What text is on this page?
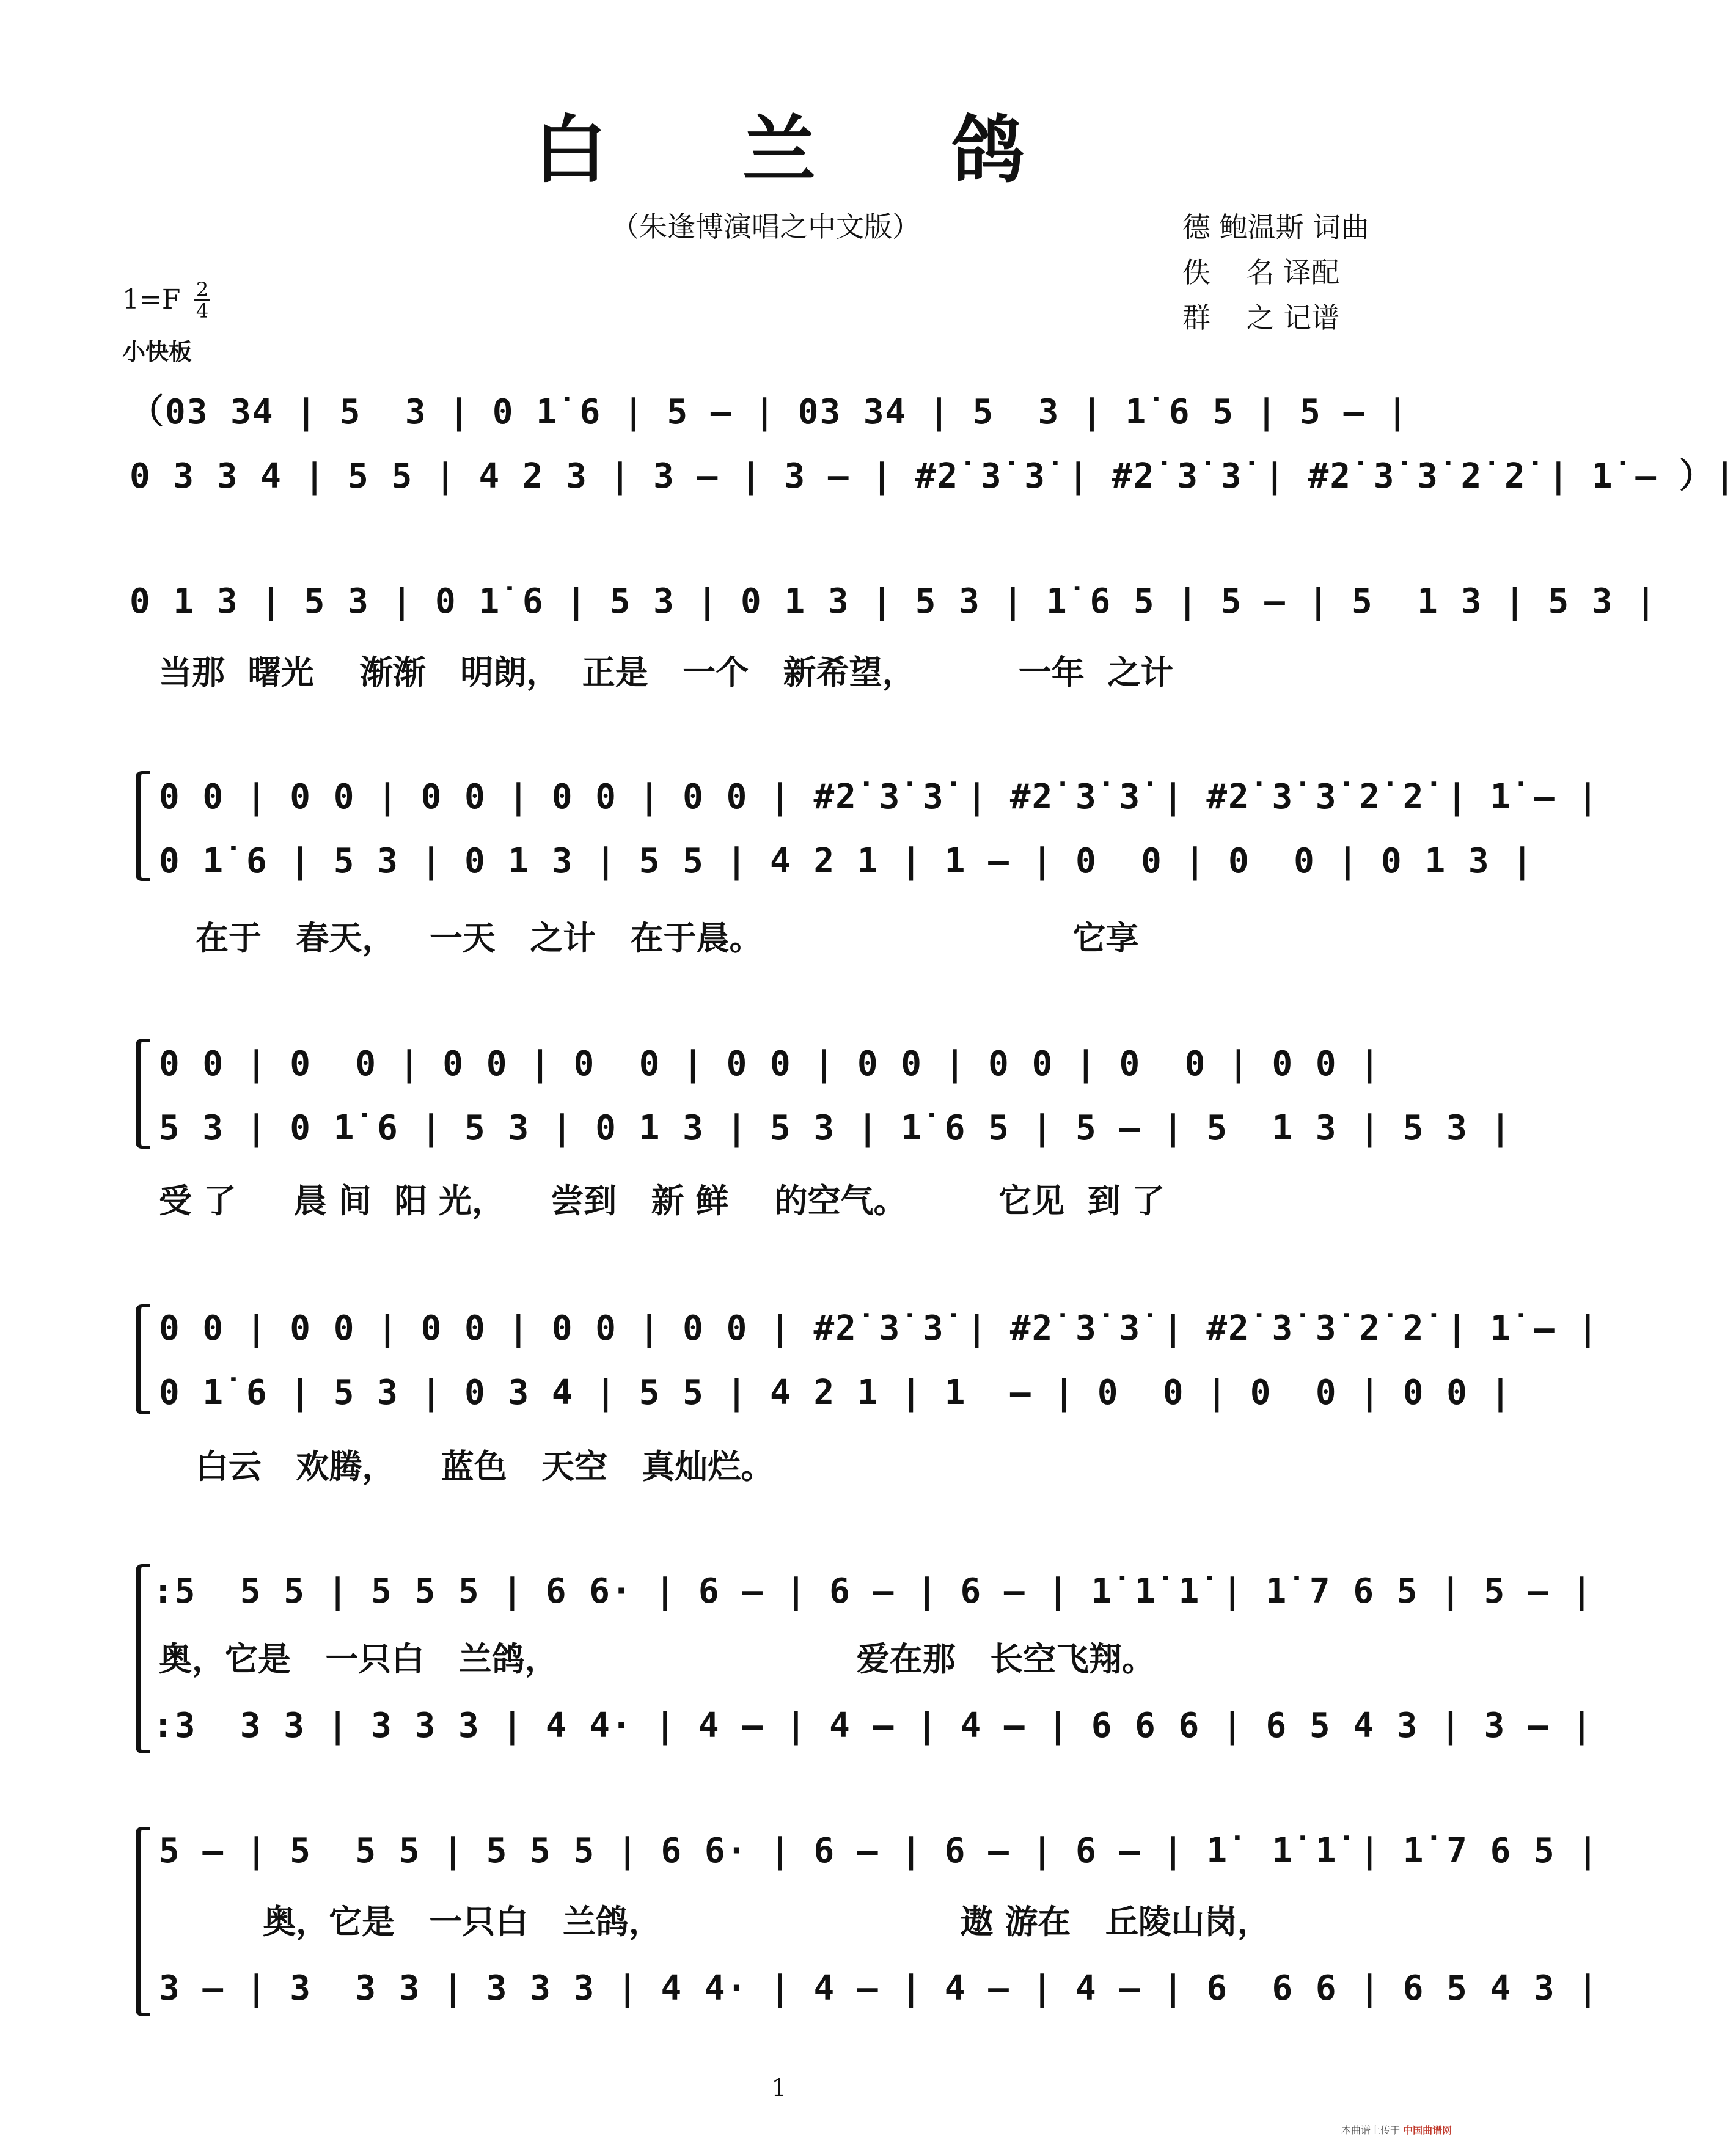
白 兰 鸽
（朱逢博演唱之中文版）	德 鲍温斯 词曲
佚    名 译配
群    之 记谱
1=F 2
4
小快板
（03 34 | 5  3 | 0 1̇ 6 | 5 – | 03 34 | 5  3 | 1̇ 6 5 | 5 – |
0 3 3 4 | 5 5 | 4 2 3 | 3 – | 3 – | #2̇ 3̇ 3̇ | #2̇ 3̇ 3̇ | #2̇ 3̇ 3̇ 2̇ 2̇ | 1̇ – ）|
0 1 3 | 5 3 | 0 1̇ 6 | 5 3 | 0 1 3 | 5 3 | 1̇ 6 5 | 5 – | 5  1 3 | 5 3 |
当那  曙光    渐渐   明朗，  正是   一个   新希望，         一年  之计
0 0 | 0 0 | 0 0 | 0 0 | 0 0 | #2̇ 3̇ 3̇ | #2̇ 3̇ 3̇ | #2̇ 3̇ 3̇ 2̇ 2̇ | 1̇ – |
0 1̇ 6 | 5 3 | 0 1 3 | 5 5 | 4 2 1 | 1 – | 0  0 | 0  0 | 0 1 3 |
在于   春天，   一天   之计   在于晨。                           它享
0 0 | 0  0 | 0 0 | 0  0 | 0 0 | 0 0 | 0 0 | 0  0 | 0 0 |
5 3 | 0 1̇ 6 | 5 3 | 0 1 3 | 5 3 | 1̇ 6 5 | 5 – | 5  1 3 | 5 3 |
受 了     晨 间  阳 光，    尝到   新 鲜    的空气。        它见  到 了
0 0 | 0 0 | 0 0 | 0 0 | 0 0 | #2̇ 3̇ 3̇ | #2̇ 3̇ 3̇ | #2̇ 3̇ 3̇ 2̇ 2̇ | 1̇ – |
0 1̇ 6 | 5 3 | 0 3 4 | 5 5 | 4 2 1 | 1  – | 0  0 | 0  0 | 0 0 |
白云   欢腾，    蓝色   天空   真灿烂。
:5  5 5 | 5 5 5 | 6 6· | 6 – | 6 – | 6 – | 1̇ 1̇ 1̇ | 1̇ 7 6 5 | 5 – |
奥，它是   一只白   兰鸽，                          爱在那   长空飞翔。
:3  3 3 | 3 3 3 | 4 4· | 4 – | 4 – | 4 – | 6 6 6 | 6 5 4 3 | 3 – |
5 – | 5  5 5 | 5 5 5 | 6 6· | 6 – | 6 – | 6 – | 1̇  1̇ 1̇ | 1̇ 7 6 5 |
奥，它是   一只白   兰鸽，                          遨 游在   丘陵山岗，
3 – | 3  3 3 | 3 3 3 | 4 4· | 4 – | 4 – | 4 – | 6  6 6 | 6 5 4 3 |
1
本曲谱上传于 中国曲谱网
